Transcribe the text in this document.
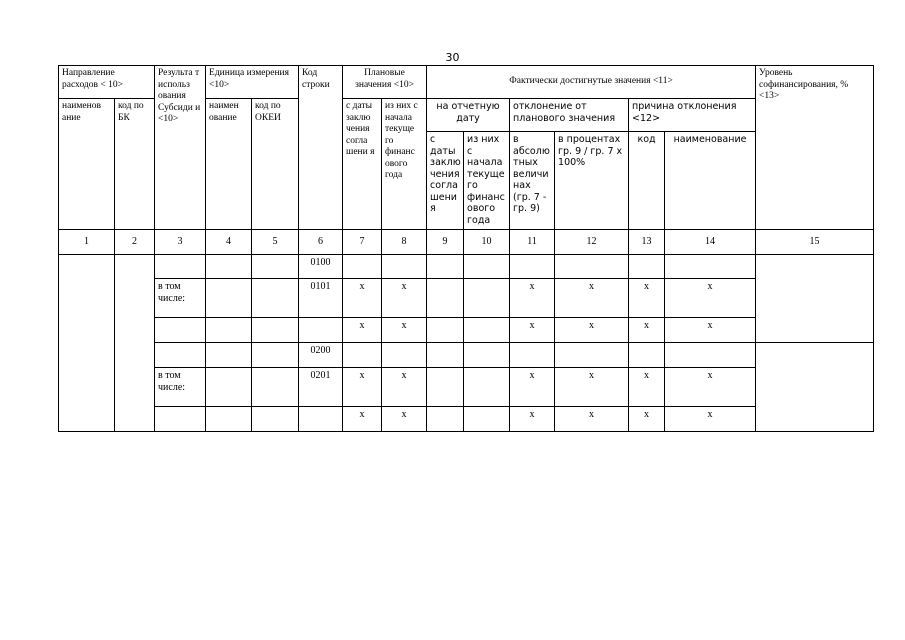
30
Направление расходов < 10>		Результа т использ ования Субсиди и <10>	Единица измерения <10>		Код строки	Плановые значения <10>		Фактически достигнутые значения <11>						Уровень софинансирования, % <13>
наименов ание	код по БК		наимен ование	код по ОКЕИ		с даты заклю чения согла шени я	из них с начала текуще го финанс ового года	на отчетную дату		отклонение от планового значения		причина отклонения <12>		
								с даты заклю чения согла шени я	из них с начала текуще го финанс ового года	в абсолю тных величи нах (гр. 7 - гр. 9)	в процентах гр. 9 / гр. 7 х 100%	код	наименование	

1	2	3	4	5	6	7	8	9	10	11	12	13	14	15
					0100									
		в том числе:			0101	x	x			x	x	x	x	
						x	x			x	x	x	x	
					0200									
		в том числе:			0201	x	x			x	x	x	x	
						x	x			x	x	x	x	
